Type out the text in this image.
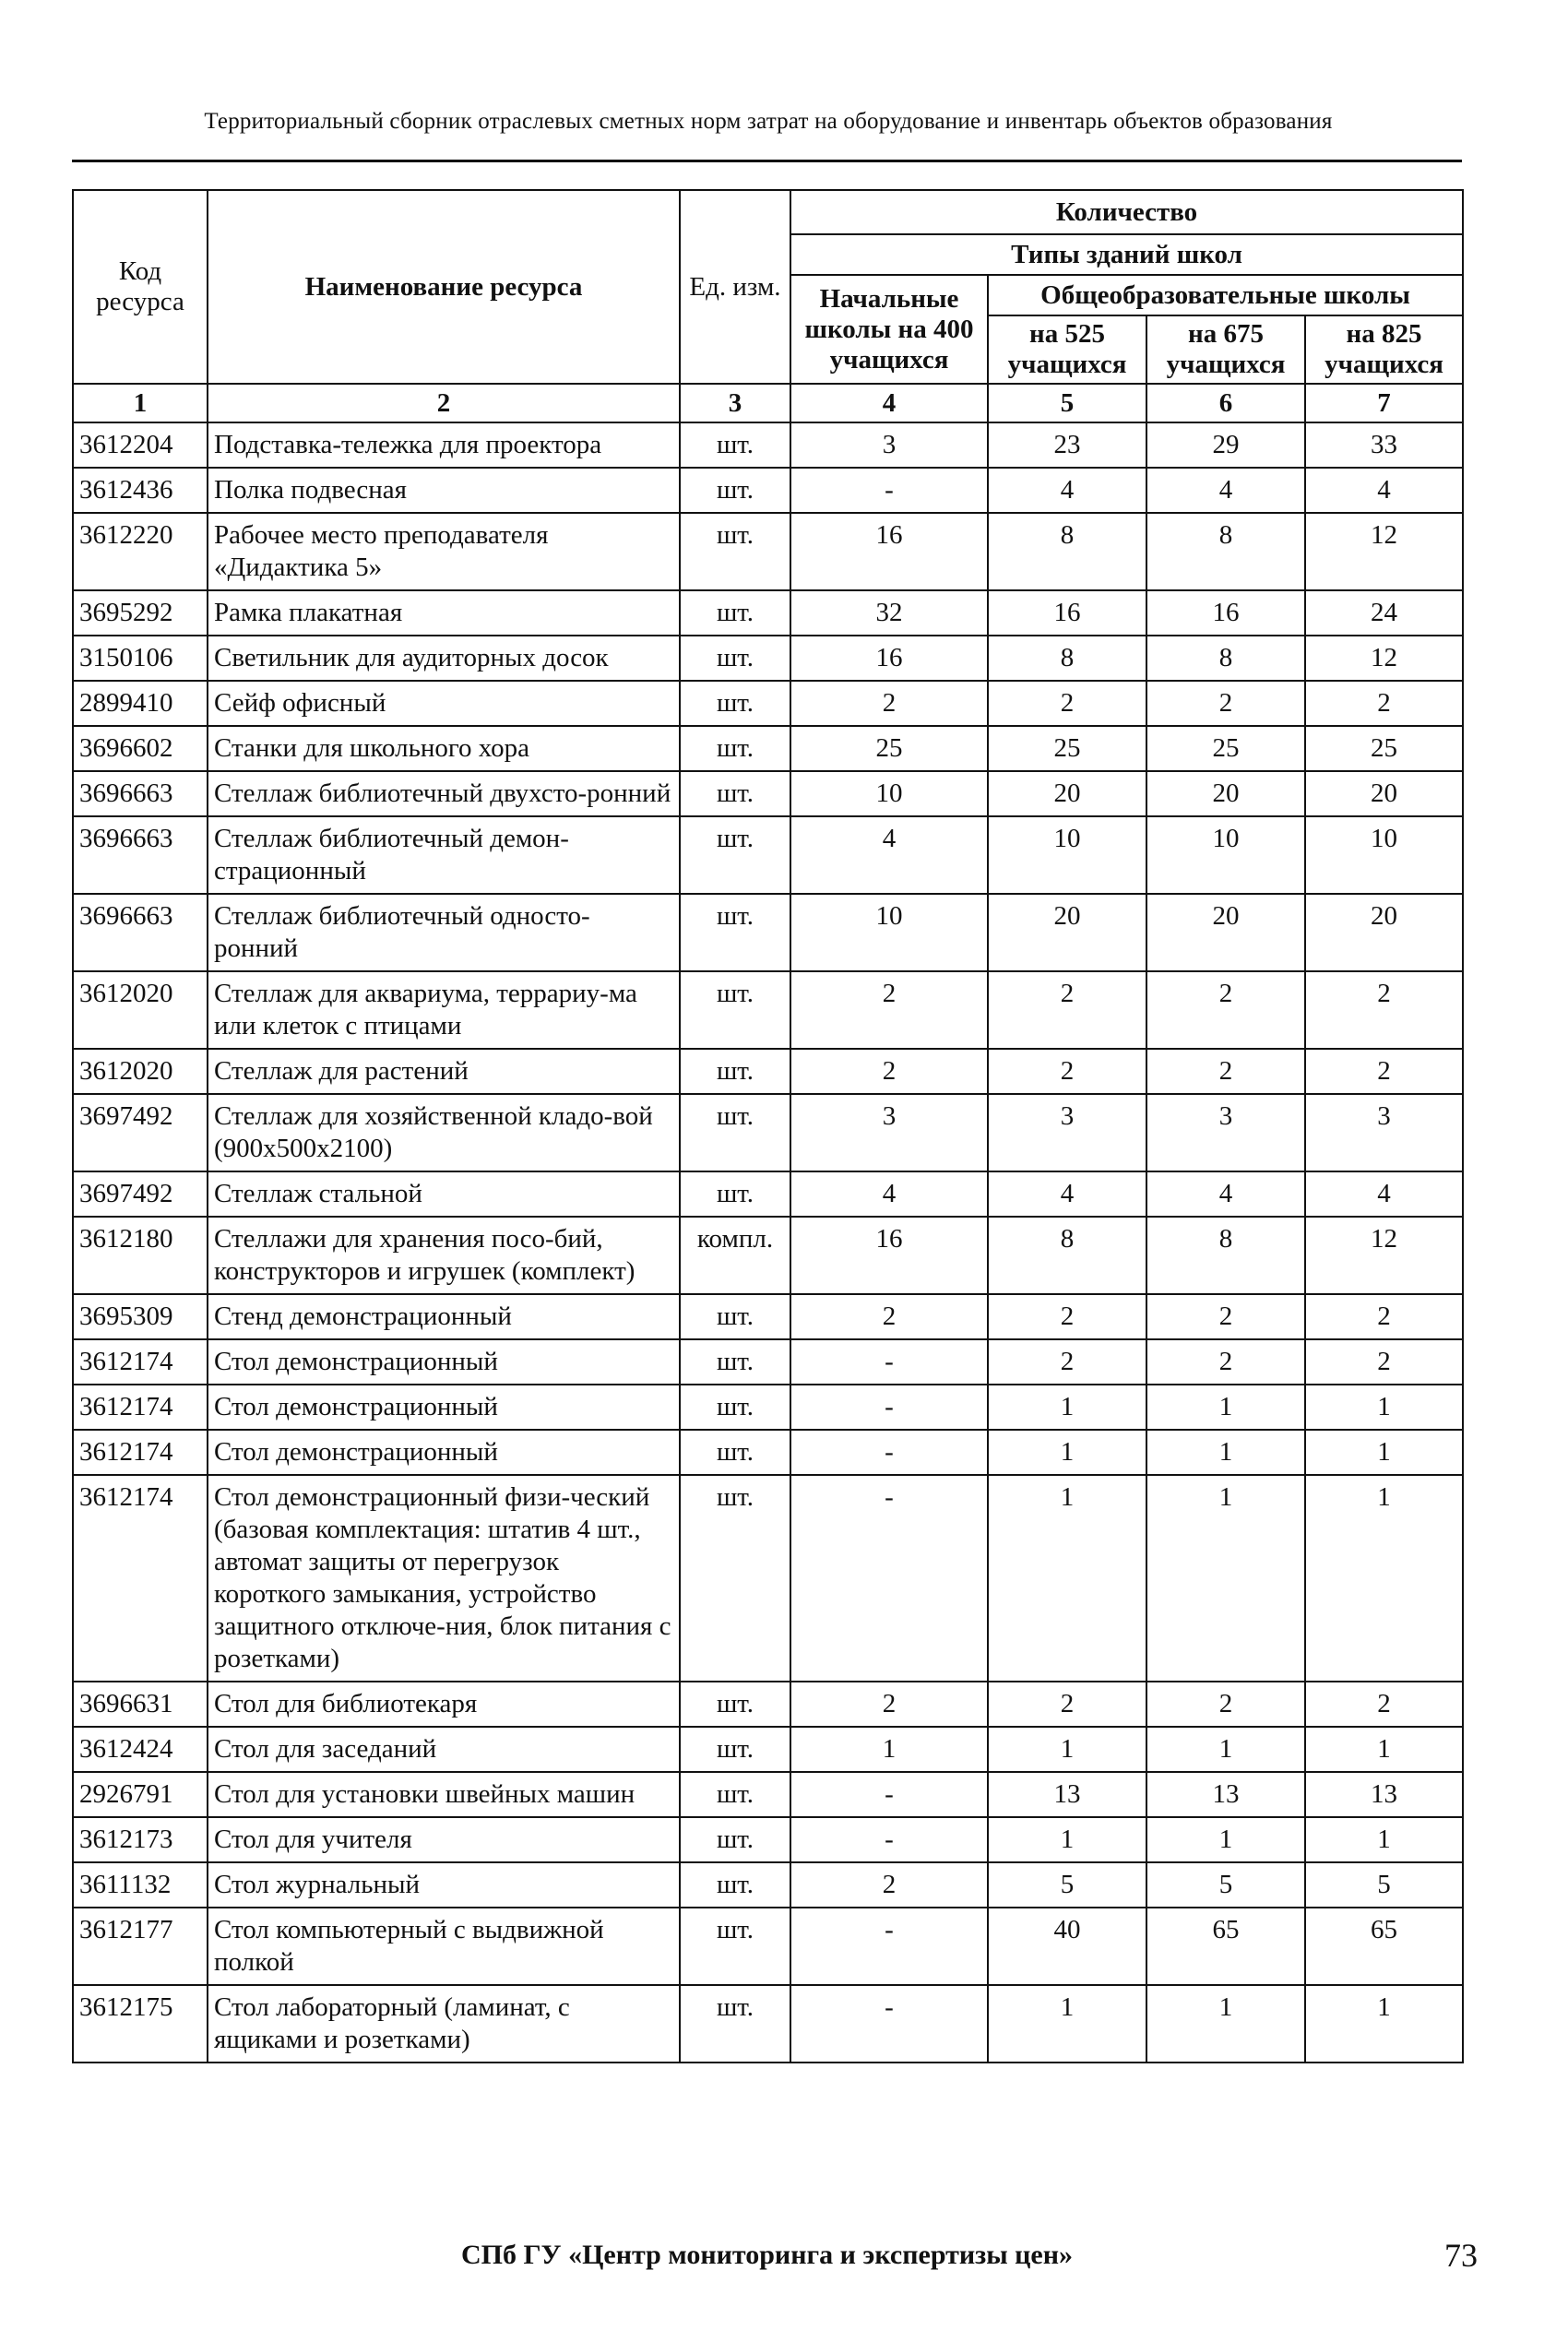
Территориальный сборник отраслевых сметных норм затрат на оборудование и инвентарь объектов образования
Код ресурса	Наименование ресурса	Ед. изм.	Количество			
			Типы зданий школ			
			Начальные школы на 400 учащихся	Общеобразовательные школы		
				на 525 учащихся	на 675 учащихся	на 825 учащихся
1	2	3	4	5	6	7
3612204	Подставка-тележка для проектора	шт.	3	23	29	33
3612436	Полка подвесная	шт.	-	4	4	4
3612220	Рабочее место преподавателя «Дидактика 5»	шт.	16	8	8	12
3695292	Рамка плакатная	шт.	32	16	16	24
3150106	Светильник для аудиторных досок	шт.	16	8	8	12
2899410	Сейф офисный	шт.	2	2	2	2
3696602	Станки для школьного хора	шт.	25	25	25	25
3696663	Стеллаж библиотечный двухсто-ронний	шт.	10	20	20	20
3696663	Стеллаж библиотечный демон-страционный	шт.	4	10	10	10
3696663	Стеллаж библиотечный односто-ронний	шт.	10	20	20	20
3612020	Стеллаж для аквариума, террариу-ма или клеток с птицами	шт.	2	2	2	2
3612020	Стеллаж для растений	шт.	2	2	2	2
3697492	Стеллаж для хозяйственной кладо-вой (900x500x2100)	шт.	3	3	3	3
3697492	Стеллаж стальной	шт.	4	4	4	4
3612180	Стеллажи для хранения посо-бий, конструкторов и игрушек (комплект)	компл.	16	8	8	12
3695309	Стенд демонстрационный	шт.	2	2	2	2
3612174	Стол демонстрационный	шт.	-	2	2	2
3612174	Стол демонстрационный	шт.	-	1	1	1
3612174	Стол демонстрационный	шт.	-	1	1	1
3612174	Стол демонстрационный физи-ческий (базовая комплектация: штатив 4 шт., автомат защиты от перегрузок короткого замыкания, устройство защитного отключе-ния, блок питания с розетками)	шт.	-	1	1	1
3696631	Стол для библиотекаря	шт.	2	2	2	2
3612424	Стол для заседаний	шт.	1	1	1	1
2926791	Стол для установки швейных машин	шт.	-	13	13	13
3612173	Стол для учителя	шт.	-	1	1	1
3611132	Стол журнальный	шт.	2	5	5	5
3612177	Стол компьютерный с выдвижной полкой	шт.	-	40	65	65
3612175	Стол лабораторный (ламинат, с ящиками и розетками)	шт.	-	1	1	1
СПб ГУ «Центр мониторинга и экспертизы цен»	73
